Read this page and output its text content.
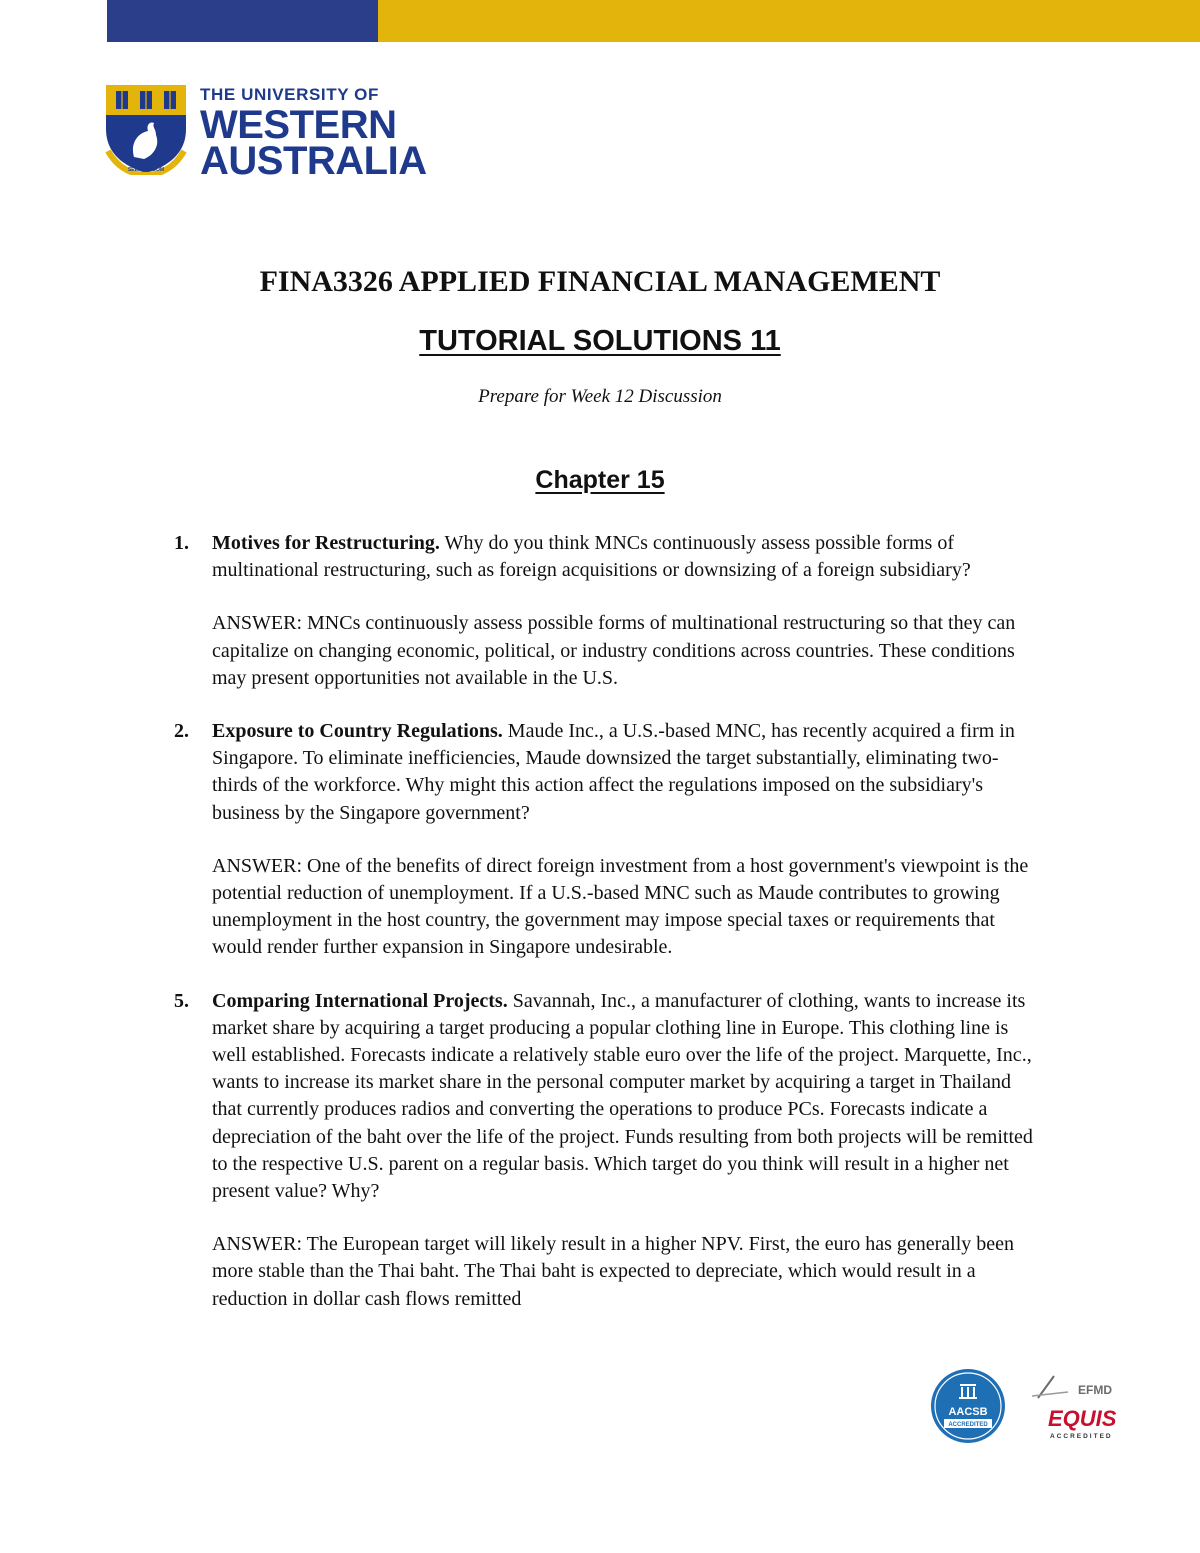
SEEK WISDOM
THE UNIVERSITY OF
WESTERN
AUSTRALIA
FINA3326 APPLIED FINANCIAL MANAGEMENT
TUTORIAL SOLUTIONS 11
Prepare for Week 12 Discussion
Chapter 15
1. Motives for Restructuring. Why do you think MNCs continuously assess possible forms of multinational restructuring, such as foreign acquisitions or downsizing of a foreign subsidiary?
ANSWER: MNCs continuously assess possible forms of multinational restructuring so that they can capitalize on changing economic, political, or industry conditions across countries. These conditions may present opportunities not available in the U.S.
2. Exposure to Country Regulations. Maude Inc., a U.S.-based MNC, has recently acquired a firm in Singapore. To eliminate inefficiencies, Maude downsized the target substantially, eliminating two-thirds of the workforce. Why might this action affect the regulations imposed on the subsidiary's business by the Singapore government?
ANSWER: One of the benefits of direct foreign investment from a host government's viewpoint is the potential reduction of unemployment. If a U.S.-based MNC such as Maude contributes to growing unemployment in the host country, the government may impose special taxes or requirements that would render further expansion in Singapore undesirable.
5. Comparing International Projects. Savannah, Inc., a manufacturer of clothing, wants to increase its market share by acquiring a target producing a popular clothing line in Europe. This clothing line is well established. Forecasts indicate a relatively stable euro over the life of the project. Marquette, Inc., wants to increase its market share in the personal computer market by acquiring a target in Thailand that currently produces radios and converting the operations to produce PCs. Forecasts indicate a depreciation of the baht over the life of the project. Funds resulting from both projects will be remitted to the respective U.S. parent on a regular basis. Which target do you think will result in a higher net present value? Why?
ANSWER: The European target will likely result in a higher NPV. First, the euro has generally been more stable than the Thai baht. The Thai baht is expected to depreciate, which would result in a reduction in dollar cash flows remitted
AACSB
ACCREDITED
EFMD
EQUIS
ACCREDITED
